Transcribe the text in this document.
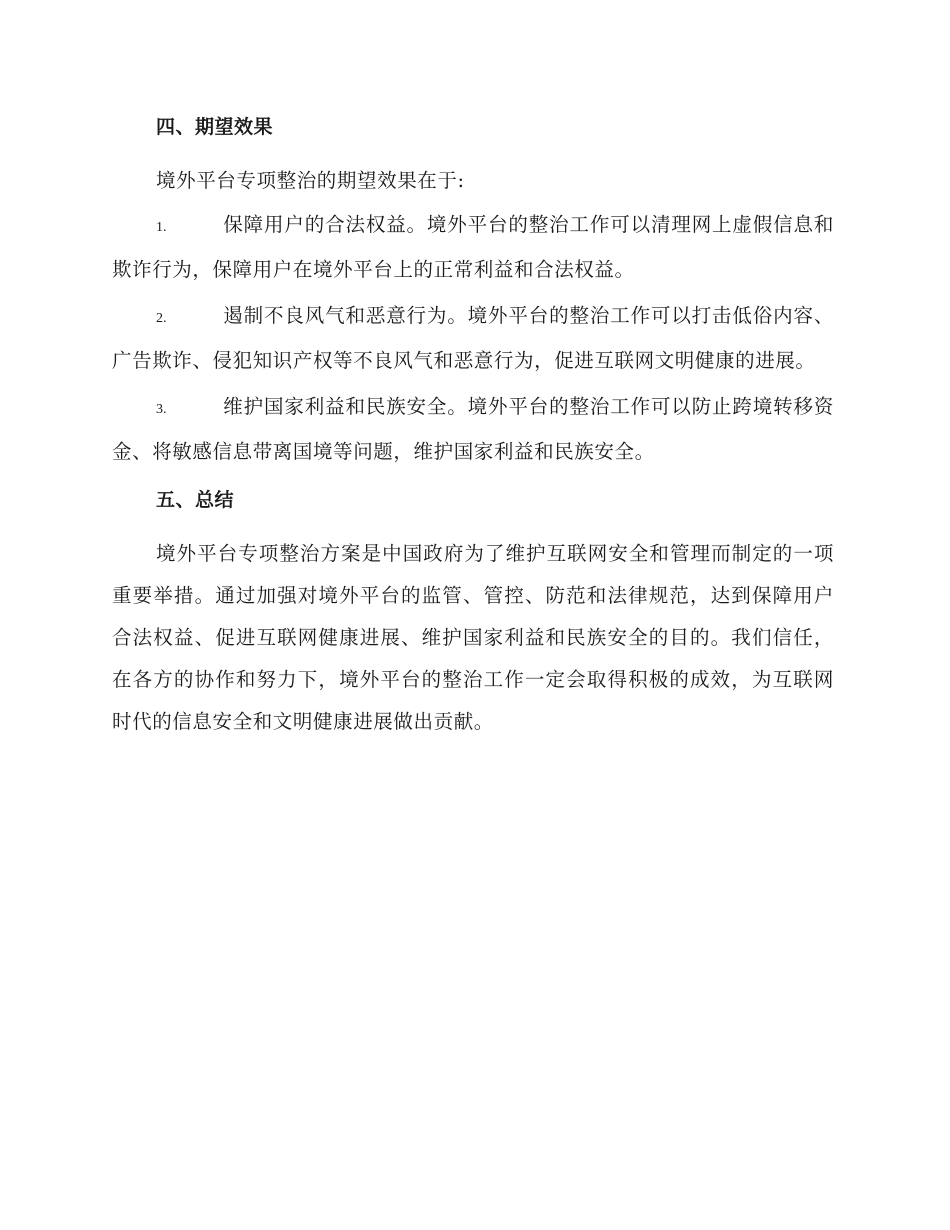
四、期望效果

境外平台专项整治的期望效果在于:

1.	保障用户的合法权益。境外平台的整治工作可以清理网上虚假信息和欺诈行为，保障用户在境外平台上的正常利益和合法权益。

2.	遏制不良风气和恶意行为。境外平台的整治工作可以打击低俗内容、广告欺诈、侵犯知识产权等不良风气和恶意行为，促进互联网文明健康的进展。

3.	维护国家利益和民族安全。境外平台的整治工作可以防止跨境转移资金、将敏感信息带离国境等问题，维护国家利益和民族安全。

五、总结

境外平台专项整治方案是中国政府为了维护互联网安全和管理而制定的一项重要举措。通过加强对境外平台的监管、管控、防范和法律规范，达到保障用户合法权益、促进互联网健康进展、维护国家利益和民族安全的目的。我们信任，在各方的协作和努力下，境外平台的整治工作一定会取得积极的成效，为互联网时代的信息安全和文明健康进展做出贡献。
